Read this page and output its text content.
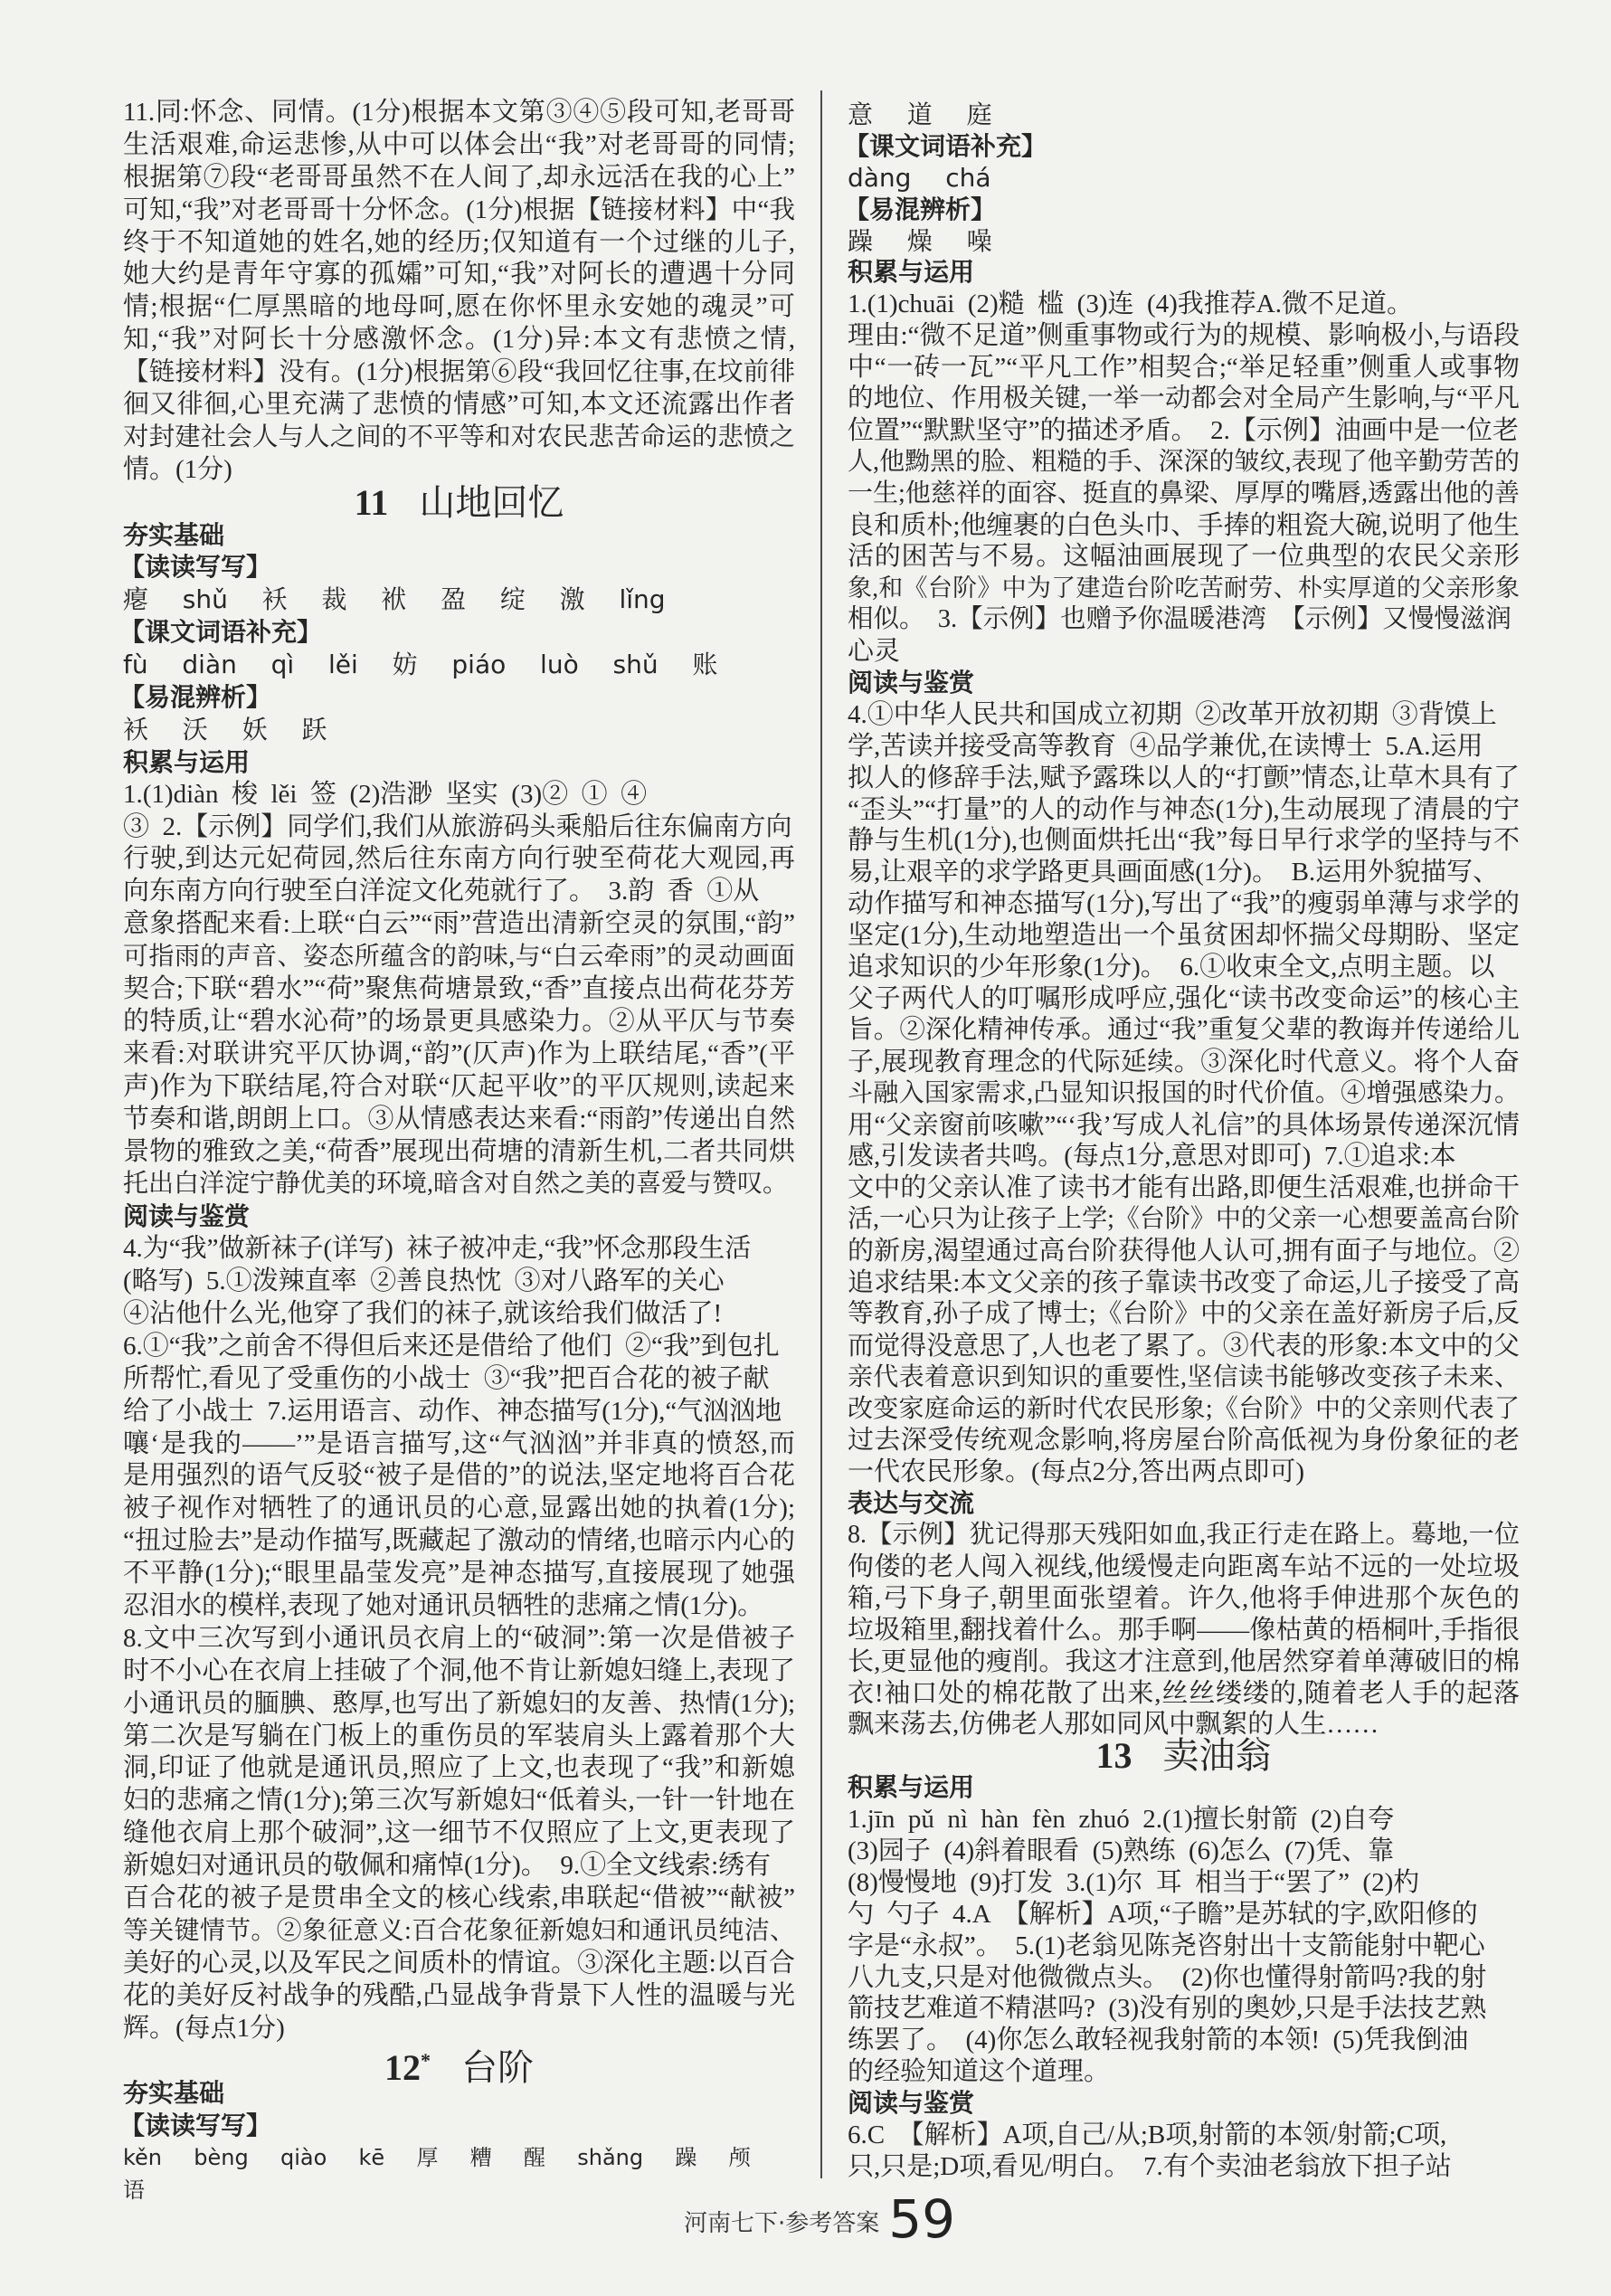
11.同:怀念、同情。(1分)根据本文第③④⑤段可知,老哥哥
生活艰难,命运悲惨,从中可以体会出“我”对老哥哥的同情;
根据第⑦段“老哥哥虽然不在人间了,却永远活在我的心上”
可知,“我”对老哥哥十分怀念。(1分)根据【链接材料】中“我
终于不知道她的姓名,她的经历;仅知道有一个过继的儿子,
她大约是青年守寡的孤孀”可知,“我”对阿长的遭遇十分同
情;根据“仁厚黑暗的地母呵,愿在你怀里永安她的魂灵”可
知,“我”对阿长十分感激怀念。(1分)异:本文有悲愤之情,
【链接材料】没有。(1分)根据第⑥段“我回忆往事,在坟前徘
徊又徘徊,心里充满了悲愤的情感”可知,本文还流露出作者
对封建社会人与人之间的不平等和对农民悲苦命运的悲愤之
情。(1分)
11 山地回忆
夯实基础
【读读写写】
瘪  shǔ  袄  裁  袱  盈  绽  激  lǐng
【课文词语补充】
fù  diàn  qì  lěi  妨  piáo  luò  shǔ  账
【易混辨析】
袄  沃  妖  跃
积累与运用
1.(1)diàn  梭  lěi  签  (2)浩渺  坚实  (3)②  ①  ④
③  2.【示例】同学们,我们从旅游码头乘船后往东偏南方向
行驶,到达元妃荷园,然后往东南方向行驶至荷花大观园,再
向东南方向行驶至白洋淀文化苑就行了。  3.韵  香  ①从
意象搭配来看:上联“白云”“雨”营造出清新空灵的氛围,“韵”
可指雨的声音、姿态所蕴含的韵味,与“白云牵雨”的灵动画面
契合;下联“碧水”“荷”聚焦荷塘景致,“香”直接点出荷花芬芳
的特质,让“碧水沁荷”的场景更具感染力。②从平仄与节奏
来看:对联讲究平仄协调,“韵”(仄声)作为上联结尾,“香”(平
声)作为下联结尾,符合对联“仄起平收”的平仄规则,读起来
节奏和谐,朗朗上口。③从情感表达来看:“雨韵”传递出自然
景物的雅致之美,“荷香”展现出荷塘的清新生机,二者共同烘
托出白洋淀宁静优美的环境,暗含对自然之美的喜爱与赞叹。
阅读与鉴赏
4.为“我”做新袜子(详写)  袜子被冲走,“我”怀念那段生活
(略写)  5.①泼辣直率  ②善良热忱  ③对八路军的关心
④沾他什么光,他穿了我们的袜子,就该给我们做活了!
6.①“我”之前舍不得但后来还是借给了他们  ②“我”到包扎
所帮忙,看见了受重伤的小战士  ③“我”把百合花的被子献
给了小战士  7.运用语言、动作、神态描写(1分),“气汹汹地
嚷‘是我的——’”是语言描写,这“气汹汹”并非真的愤怒,而
是用强烈的语气反驳“被子是借的”的说法,坚定地将百合花
被子视作对牺牲了的通讯员的心意,显露出她的执着(1分);
“扭过脸去”是动作描写,既藏起了激动的情绪,也暗示内心的
不平静(1分);“眼里晶莹发亮”是神态描写,直接展现了她强
忍泪水的模样,表现了她对通讯员牺牲的悲痛之情(1分)。
8.文中三次写到小通讯员衣肩上的“破洞”:第一次是借被子
时不小心在衣肩上挂破了个洞,他不肯让新媳妇缝上,表现了
小通讯员的腼腆、憨厚,也写出了新媳妇的友善、热情(1分);
第二次是写躺在门板上的重伤员的军装肩头上露着那个大
洞,印证了他就是通讯员,照应了上文,也表现了“我”和新媳
妇的悲痛之情(1分);第三次写新媳妇“低着头,一针一针地在
缝他衣肩上那个破洞”,这一细节不仅照应了上文,更表现了
新媳妇对通讯员的敬佩和痛悼(1分)。  9.①全文线索:绣有
百合花的被子是贯串全文的核心线索,串联起“借被”“献被”
等关键情节。②象征意义:百合花象征新媳妇和通讯员纯洁、
美好的心灵,以及军民之间质朴的情谊。③深化主题:以百合
花的美好反衬战争的残酷,凸显战争背景下人性的温暖与光
辉。(每点1分)
12* 台阶
夯实基础
【读读写写】
kěn  bèng  qiào  kē  厚  糟  醒  shǎng  躁  颅  语
意  道  庭
【课文词语补充】
dàng  chá
【易混辨析】
躁  燥  噪
积累与运用
1.(1)chuāi  (2)糙  槛  (3)连  (4)我推荐A.微不足道。
理由:“微不足道”侧重事物或行为的规模、影响极小,与语段
中“一砖一瓦”“平凡工作”相契合;“举足轻重”侧重人或事物
的地位、作用极关键,一举一动都会对全局产生影响,与“平凡
位置”“默默坚守”的描述矛盾。  2.【示例】油画中是一位老
人,他黝黑的脸、粗糙的手、深深的皱纹,表现了他辛勤劳苦的
一生;他慈祥的面容、挺直的鼻梁、厚厚的嘴唇,透露出他的善
良和质朴;他缠裹的白色头巾、手捧的粗瓷大碗,说明了他生
活的困苦与不易。这幅油画展现了一位典型的农民父亲形
象,和《台阶》中为了建造台阶吃苦耐劳、朴实厚道的父亲形象
相似。  3.【示例】也赠予你温暖港湾  【示例】又慢慢滋润
心灵
阅读与鉴赏
4.①中华人民共和国成立初期  ②改革开放初期  ③背馍上
学,苦读并接受高等教育  ④品学兼优,在读博士  5.A.运用
拟人的修辞手法,赋予露珠以人的“打颤”情态,让草木具有了
“歪头”“打量”的人的动作与神态(1分),生动展现了清晨的宁
静与生机(1分),也侧面烘托出“我”每日早行求学的坚持与不
易,让艰辛的求学路更具画面感(1分)。  B.运用外貌描写、
动作描写和神态描写(1分),写出了“我”的瘦弱单薄与求学的
坚定(1分),生动地塑造出一个虽贫困却怀揣父母期盼、坚定
追求知识的少年形象(1分)。  6.①收束全文,点明主题。以
父子两代人的叮嘱形成呼应,强化“读书改变命运”的核心主
旨。②深化精神传承。通过“我”重复父辈的教诲并传递给儿
子,展现教育理念的代际延续。③深化时代意义。将个人奋
斗融入国家需求,凸显知识报国的时代价值。④增强感染力。
用“父亲窗前咳嗽”“‘我’写成人礼信”的具体场景传递深沉情
感,引发读者共鸣。(每点1分,意思对即可)  7.①追求:本
文中的父亲认准了读书才能有出路,即便生活艰难,也拼命干
活,一心只为让孩子上学;《台阶》中的父亲一心想要盖高台阶
的新房,渴望通过高台阶获得他人认可,拥有面子与地位。②
追求结果:本文父亲的孩子靠读书改变了命运,儿子接受了高
等教育,孙子成了博士;《台阶》中的父亲在盖好新房子后,反
而觉得没意思了,人也老了累了。③代表的形象:本文中的父
亲代表着意识到知识的重要性,坚信读书能够改变孩子未来、
改变家庭命运的新时代农民形象;《台阶》中的父亲则代表了
过去深受传统观念影响,将房屋台阶高低视为身份象征的老
一代农民形象。(每点2分,答出两点即可)
表达与交流
8.【示例】犹记得那天残阳如血,我正行走在路上。蓦地,一位
佝偻的老人闯入视线,他缓慢走向距离车站不远的一处垃圾
箱,弓下身子,朝里面张望着。许久,他将手伸进那个灰色的
垃圾箱里,翻找着什么。那手啊——像枯黄的梧桐叶,手指很
长,更显他的瘦削。我这才注意到,他居然穿着单薄破旧的棉
衣!袖口处的棉花散了出来,丝丝缕缕的,随着老人手的起落
飘来荡去,仿佛老人那如同风中飘絮的人生……
13 卖油翁
积累与运用
1.jīn  pǔ  nì  hàn  fèn  zhuó  2.(1)擅长射箭  (2)自夸
(3)园子  (4)斜着眼看  (5)熟练  (6)怎么  (7)凭、靠
(8)慢慢地  (9)打发  3.(1)尔  耳  相当于“罢了”  (2)杓
勺  勺子  4.A  【解析】A项,“子瞻”是苏轼的字,欧阳修的
字是“永叔”。  5.(1)老翁见陈尧咨射出十支箭能射中靶心
八九支,只是对他微微点头。  (2)你也懂得射箭吗?我的射
箭技艺难道不精湛吗?  (3)没有别的奥妙,只是手法技艺熟
练罢了。  (4)你怎么敢轻视我射箭的本领!  (5)凭我倒油
的经验知道这个道理。
阅读与鉴赏
6.C  【解析】A项,自己/从;B项,射箭的本领/射箭;C项,
只,只是;D项,看见/明白。  7.有个卖油老翁放下担子站
河南七下·参考答案 59
